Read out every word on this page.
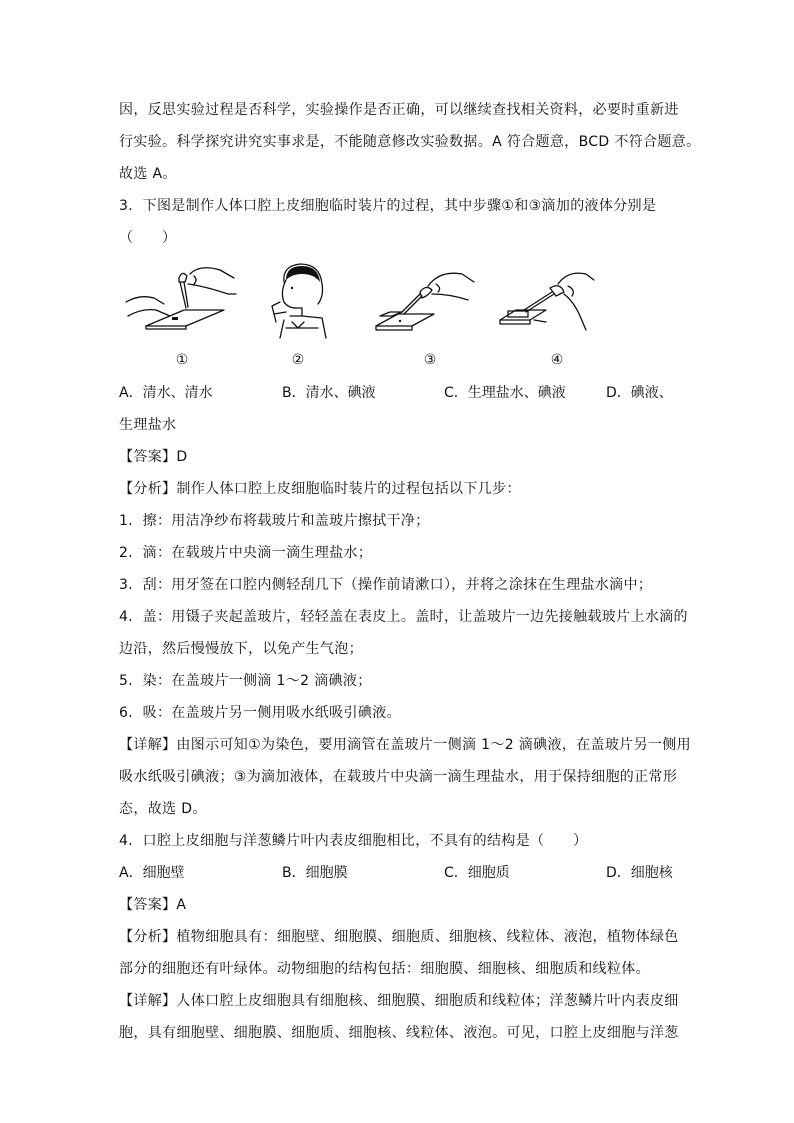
因，反思实验过程是否科学，实验操作是否正确，可以继续查找相关资料，必要时重新进
行实验。科学探究讲究实事求是，不能随意修改实验数据。A 符合题意，BCD 不符合题意。
故选 A。
3．下图是制作人体口腔上皮细胞临时装片的过程，其中步骤①和③滴加的液体分别是
（　　）
①	②	③	④
A．清水、清水	B．清水、碘液	C．生理盐水、碘液	D．碘液、
生理盐水
【答案】D
【分析】制作人体口腔上皮细胞临时装片的过程包括以下几步：
1．擦：用洁净纱布将载玻片和盖玻片擦拭干净；
2．滴：在载玻片中央滴一滴生理盐水；
3．刮：用牙签在口腔内侧轻刮几下（操作前请漱口），并将之涂抹在生理盐水滴中；
4．盖：用镊子夹起盖玻片，轻轻盖在表皮上。盖时，让盖玻片一边先接触载玻片上水滴的
边沿，然后慢慢放下，以免产生气泡；
5．染：在盖玻片一侧滴 1～2 滴碘液；
6．吸：在盖玻片另一侧用吸水纸吸引碘液。
【详解】由图示可知①为染色，要用滴管在盖玻片一侧滴 1～2 滴碘液，在盖玻片另一侧用
吸水纸吸引碘液；③为滴加液体，在载玻片中央滴一滴生理盐水，用于保持细胞的正常形
态，故选 D。
4．口腔上皮细胞与洋葱鳞片叶内表皮细胞相比，不具有的结构是（　　）
A．细胞壁	B．细胞膜	C．细胞质	D．细胞核
【答案】A
【分析】植物细胞具有：细胞壁、细胞膜、细胞质、细胞核、线粒体、液泡，植物体绿色
部分的细胞还有叶绿体。动物细胞的结构包括：细胞膜、细胞核、细胞质和线粒体。
【详解】人体口腔上皮细胞具有细胞核、细胞膜、细胞质和线粒体；洋葱鳞片叶内表皮细
胞，具有细胞壁、细胞膜、细胞质、细胞核、线粒体、液泡。可见，口腔上皮细胞与洋葱
